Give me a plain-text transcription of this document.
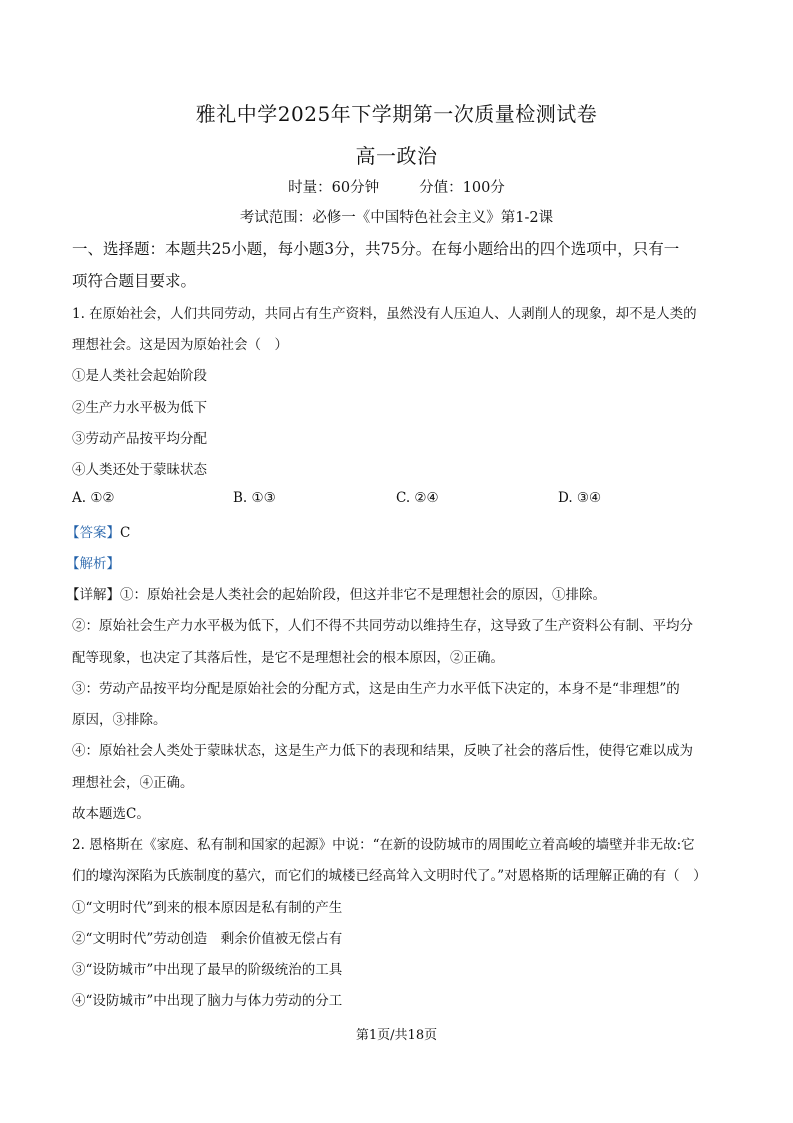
雅礼中学2025年下学期第一次质量检测试卷
高一政治
时量：60分钟	分值：100分
考试范围：必修一《中国特色社会主义》第1-2课
一、选择题：本题共25小题，每小题3分，共75分。在每小题给出的四个选项中，只有一
项符合题目要求。
1. 在原始社会，人们共同劳动，共同占有生产资料，虽然没有人压迫人、人剥削人的现象，却不是人类的
理想社会。这是因为原始社会（　）
①是人类社会起始阶段
②生产力水平极为低下
③劳动产品按平均分配
④人类还处于蒙昧状态
A. ①②	B. ①③	C. ②④	D. ③④
【答案】C
【解析】
【详解】①：原始社会是人类社会的起始阶段，但这并非它不是理想社会的原因，①排除。
②：原始社会生产力水平极为低下，人们不得不共同劳动以维持生存，这导致了生产资料公有制、平均分
配等现象，也决定了其落后性，是它不是理想社会的根本原因，②正确。
③：劳动产品按平均分配是原始社会的分配方式，这是由生产力水平低下决定的，本身不是“非理想”的
原因，③排除。
④：原始社会人类处于蒙昧状态，这是生产力低下的表现和结果，反映了社会的落后性，使得它难以成为
理想社会，④正确。
故本题选C。
2. 恩格斯在《家庭、私有制和国家的起源》中说：“在新的设防城市的周围屹立着高峻的墙壁并非无故:它
们的壕沟深陷为氏族制度的墓穴，而它们的城楼已经高耸入文明时代了。”对恩格斯的话理解正确的有（　）
①“文明时代”到来的根本原因是私有制的产生
②“文明时代”劳动创造　剩余价值被无偿占有
③“设防城市”中出现了最早的阶级统治的工具
④“设防城市”中出现了脑力与体力劳动的分工
第1页/共18页
